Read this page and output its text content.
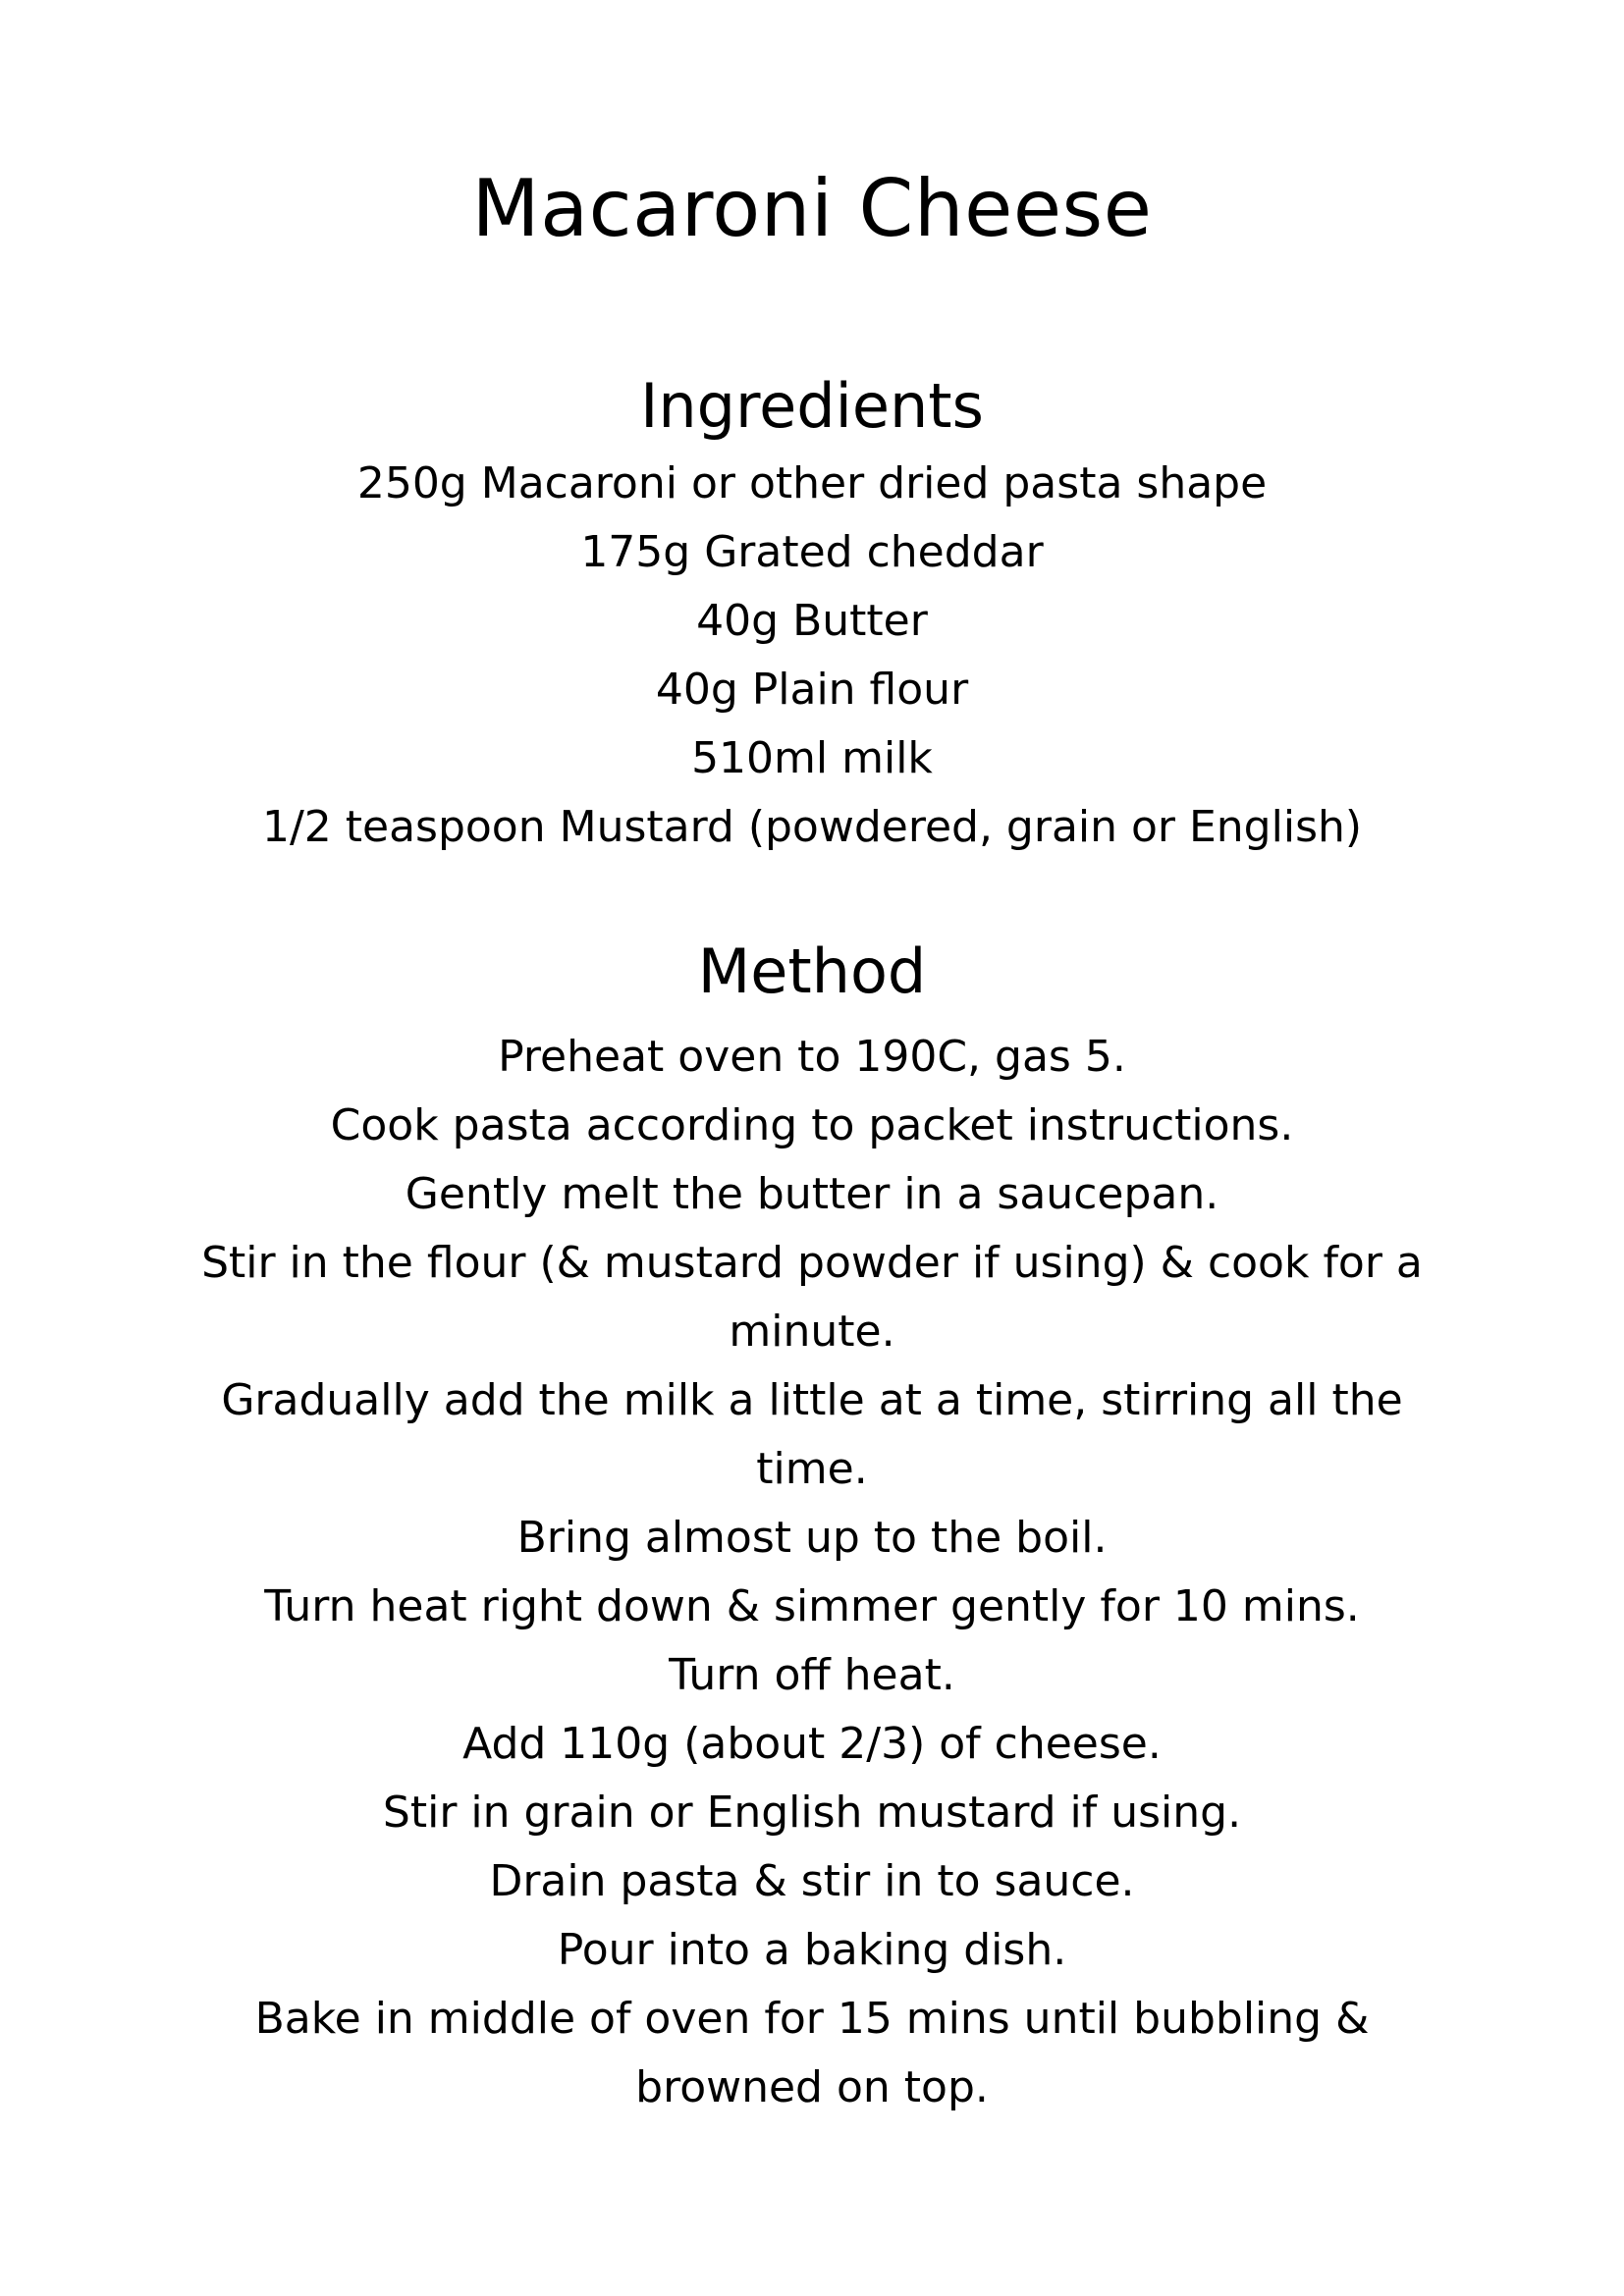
Macaroni Cheese
Ingredients
250g Macaroni or other dried pasta shape
175g Grated cheddar
40g Butter
40g Plain flour
510ml milk
1/2 teaspoon Mustard (powdered, grain or English)
Method
Preheat oven to 190C, gas 5.
Cook pasta according to packet instructions.
Gently melt the butter in a saucepan.
Stir in the flour (& mustard powder if using) & cook for a minute.
Gradually add the milk a little at a time, stirring all the time.
Bring almost up to the boil.
Turn heat right down & simmer gently for 10 mins.
Turn off heat.
Add 110g (about 2/3) of cheese.
Stir in grain or English mustard if using.
Drain pasta & stir in to sauce.
Pour into a baking dish.
Bake in middle of oven for 15 mins until bubbling & browned on top.
